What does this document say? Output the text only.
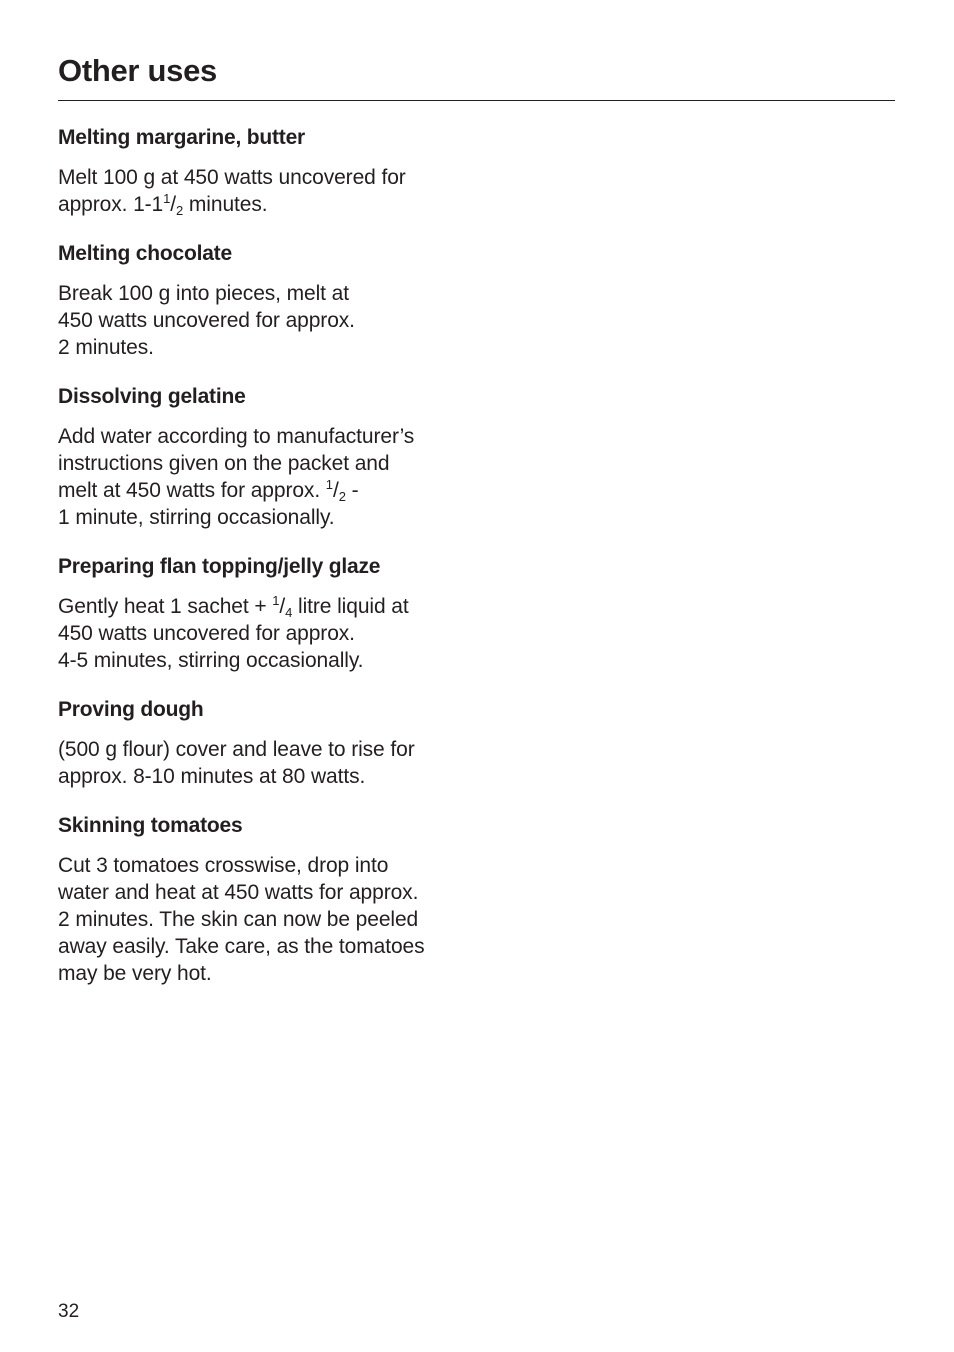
Other uses
Melting margarine, butter

Melt 100 g at 450 watts uncovered for
approx. $1-1^1/_2$ minutes.

Melting chocolate

Break 100 g into pieces, melt at
450 watts uncovered for approx.
2 minutes.

Dissolving gelatine

Add water according to manufacturer’s
instructions given on the packet and
melt at 450 watts for approx. $^1/_2$ -
1 minute, stirring occasionally.

Preparing flan topping/jelly glaze

Gently heat 1 sachet + $^1/_4$ litre liquid at
450 watts uncovered for approx.
4-5 minutes, stirring occasionally.

Proving dough

(500 g flour) cover and leave to rise for
approx. 8-10 minutes at 80 watts.

Skinning tomatoes

Cut 3 tomatoes crosswise, drop into
water and heat at 450 watts for approx.
2 minutes. The skin can now be peeled
away easily. Take care, as the tomatoes
may be very hot.

32
